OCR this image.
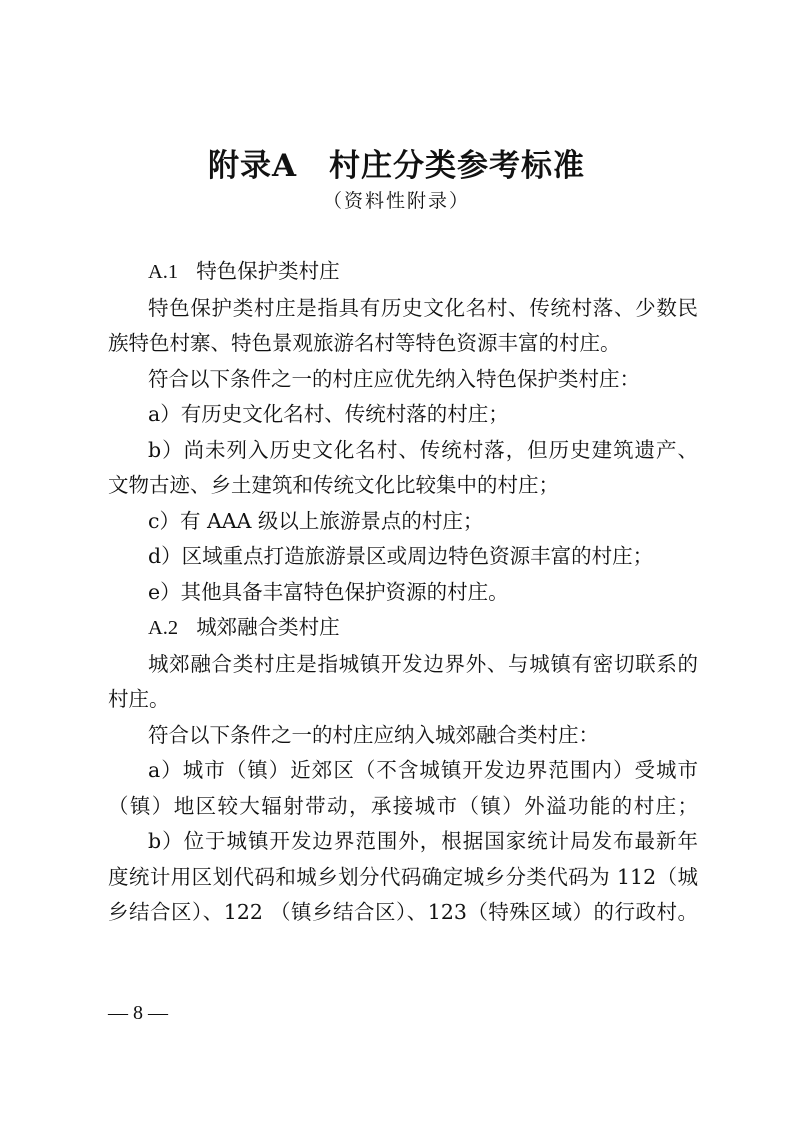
附录A　村庄分类参考标准
（资料性附录）
A.1 特色保护类村庄
特色保护类村庄是指具有历史文化名村、传统村落、少数民
族特色村寨、特色景观旅游名村等特色资源丰富的村庄。
符合以下条件之一的村庄应优先纳入特色保护类村庄：
a）有历史文化名村、传统村落的村庄；
b）尚未列入历史文化名村、传统村落，但历史建筑遗产、
文物古迹、乡土建筑和传统文化比较集中的村庄；
c）有 AAA 级以上旅游景点的村庄；
d）区域重点打造旅游景区或周边特色资源丰富的村庄；
e）其他具备丰富特色保护资源的村庄。
A.2 城郊融合类村庄
城郊融合类村庄是指城镇开发边界外、与城镇有密切联系的
村庄。
符合以下条件之一的村庄应纳入城郊融合类村庄：
a）城市（镇）近郊区（不含城镇开发边界范围内）受城市
（镇）地区较大辐射带动，承接城市（镇）外溢功能的村庄；
b）位于城镇开发边界范围外，根据国家统计局发布最新年
度统计用区划代码和城乡划分代码确定城乡分类代码为 112（城
乡结合区）、122 （镇乡结合区）、123（特殊区域）的行政村。
— 8 —
